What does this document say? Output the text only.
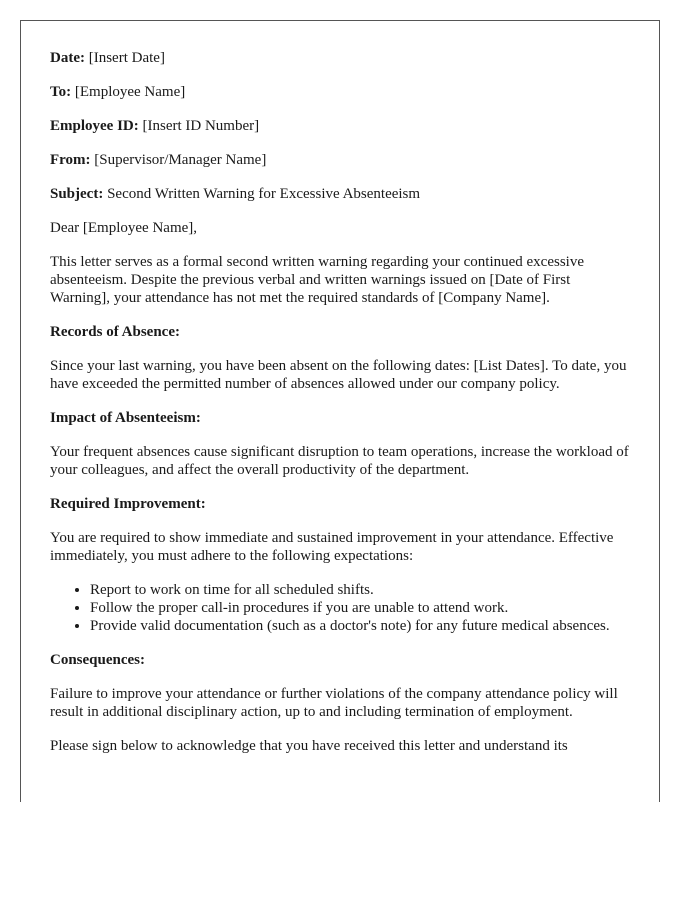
Date: [Insert Date]
To: [Employee Name]
Employee ID: [Insert ID Number]
From: [Supervisor/Manager Name]
Subject: Second Written Warning for Excessive Absenteeism

Dear [Employee Name],

This letter serves as a formal second written warning regarding your continued excessive absenteeism. Despite the previous verbal and written warnings issued on [Date of First Warning], your attendance has not met the required standards of [Company Name].

Records of Absence:

Since your last warning, you have been absent on the following dates: [List Dates]. To date, you have exceeded the permitted number of absences allowed under our company policy.

Impact of Absenteeism:

Your frequent absences cause significant disruption to team operations, increase the workload of your colleagues, and affect the overall productivity of the department.

Required Improvement:

You are required to show immediate and sustained improvement in your attendance. Effective immediately, you must adhere to the following expectations:

• Report to work on time for all scheduled shifts.
• Follow the proper call-in procedures if you are unable to attend work.
• Provide valid documentation (such as a doctor's note) for any future medical absences.
Consequences:

Failure to improve your attendance or further violations of the company attendance policy will result in additional disciplinary action, up to and including termination of employment.

Please sign below to acknowledge that you have received this letter and understand its
